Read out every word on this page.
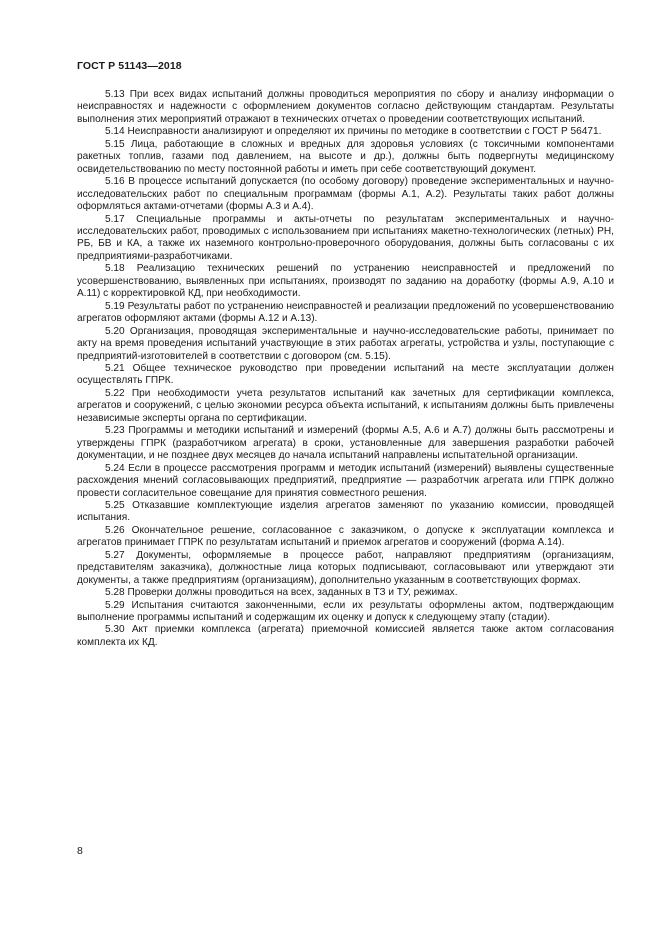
ГОСТ Р 51143—2018

5.13 При всех видах испытаний должны проводиться мероприятия по сбору и анализу информации о неисправностях и надежности с оформлением документов согласно действующим стандартам. Результаты выполнения этих мероприятий отражают в технических отчетах о проведении соответствующих испытаний.

5.14 Неисправности анализируют и определяют их причины по методике в соответствии с ГОСТ Р 56471.

5.15 Лица, работающие в сложных и вредных для здоровья условиях (с токсичными компонентами ракетных топлив, газами под давлением, на высоте и др.), должны быть подвергнуты медицинскому освидетельствованию по месту постоянной работы и иметь при себе соответствующий документ.

5.16 В процессе испытаний допускается (по особому договору) проведение экспериментальных и научно-исследовательских работ по специальным программам (формы А.1, А.2). Результаты таких работ должны оформляться актами-отчетами (формы А.3 и А.4).

5.17 Специальные программы и акты-отчеты по результатам экспериментальных и научно-исследовательских работ, проводимых с использованием при испытаниях макетно-технологических (летных) РН, РБ, БВ и КА, а также их наземного контрольно-проверочного оборудования, должны быть согласованы с их предприятиями-разработчиками.

5.18 Реализацию технических решений по устранению неисправностей и предложений по усовершенствованию, выявленных при испытаниях, производят по заданию на доработку (формы А.9, А.10 и А.11) с корректировкой КД, при необходимости.

5.19 Результаты работ по устранению неисправностей и реализации предложений по усовершенствованию агрегатов оформляют актами (формы А.12 и А.13).

5.20 Организация, проводящая экспериментальные и научно-исследовательские работы, принимает по акту на время проведения испытаний участвующие в этих работах агрегаты, устройства и узлы, поступающие с предприятий-изготовителей в соответствии с договором (см. 5.15).

5.21 Общее техническое руководство при проведении испытаний на месте эксплуатации должен осуществлять ГПРК.

5.22 При необходимости учета результатов испытаний как зачетных для сертификации комплекса, агрегатов и сооружений, с целью экономии ресурса объекта испытаний, к испытаниям должны быть привлечены независимые эксперты органа по сертификации.

5.23 Программы и методики испытаний и измерений (формы А.5, А.6 и А.7) должны быть рассмотрены и утверждены ГПРК (разработчиком агрегата) в сроки, установленные для завершения разработки рабочей документации, и не позднее двух месяцев до начала испытаний направлены испытательной организации.

5.24 Если в процессе рассмотрения программ и методик испытаний (измерений) выявлены существенные расхождения мнений согласовывающих предприятий, предприятие — разработчик агрегата или ГПРК должно провести согласительное совещание для принятия совместного решения.

5.25 Отказавшие комплектующие изделия агрегатов заменяют по указанию комиссии, проводящей испытания.

5.26 Окончательное решение, согласованное с заказчиком, о допуске к эксплуатации комплекса и агрегатов принимает ГПРК по результатам испытаний и приемок агрегатов и сооружений (форма А.14).

5.27 Документы, оформляемые в процессе работ, направляют предприятиям (организациям, представителям заказчика), должностные лица которых подписывают, согласовывают или утверждают эти документы, а также предприятиям (организациям), дополнительно указанным в соответствующих формах.

5.28 Проверки должны проводиться на всех, заданных в ТЗ и ТУ, режимах.

5.29 Испытания считаются законченными, если их результаты оформлены актом, подтверждающим выполнение программы испытаний и содержащим их оценку и допуск к следующему этапу (стадии).

5.30 Акт приемки комплекса (агрегата) приемочной комиссией является также актом согласования комплекта их КД.

8
